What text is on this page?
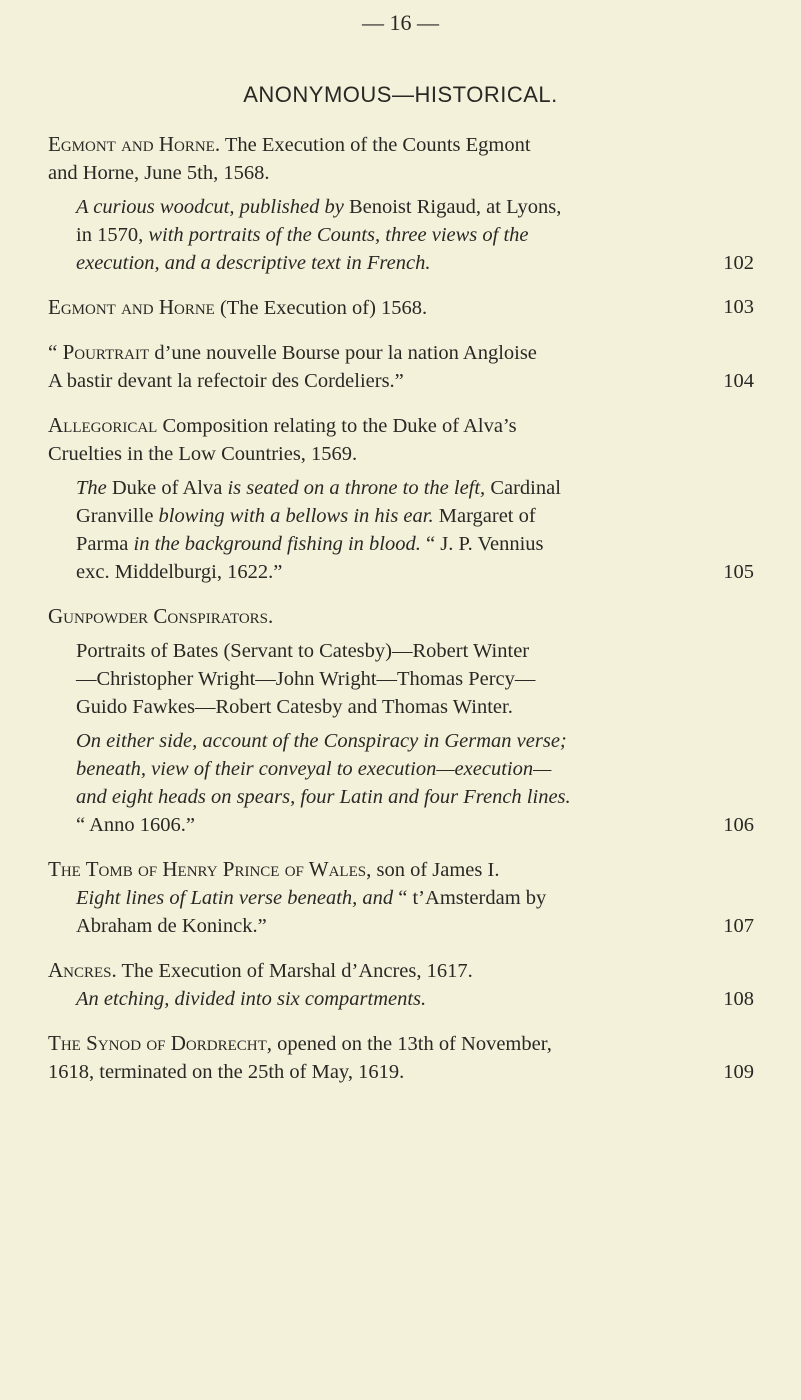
— 16 —
ANONYMOUS—HISTORICAL.

Egmont and Horne. The Execution of the Counts Egmont
and Horne, June 5th, 1568.

A curious woodcut, published by Benoist Rigaud, at Lyons,
in 1570, with portraits of the Counts, three views of the
102
execution, and a descriptive text in French.

103
Egmont and Horne (The Execution of) 1568.

“ Pourtrait d’une nouvelle Bourse pour la nation Angloise
104
A bastir devant la refectoir des Cordeliers.”

Allegorical Composition relating to the Duke of Alva’s
Cruelties in the Low Countries, 1569.

The Duke of Alva is seated on a throne to the left, Cardinal
Granville blowing with a bellows in his ear. Margaret of
Parma in the background fishing in blood. “ J. P. Vennius
105
exc. Middelburgi, 1622.”

Gunpowder Conspirators.

Portraits of Bates (Servant to Catesby)—Robert Winter
—Christopher Wright—John Wright—Thomas Percy—
Guido Fawkes—Robert Catesby and Thomas Winter.

On either side, account of the Conspiracy in German verse;
beneath, view of their conveyal to execution—execution—
and eight heads on spears, four Latin and four French lines.
106
“ Anno 1606.”

The Tomb of Henry Prince of Wales, son of James I.

Eight lines of Latin verse beneath, and “ t’Amsterdam by
107
Abraham de Koninck.”

Ancres. The Execution of Marshal d’Ancres, 1617.

108
An etching, divided into six compartments.

The Synod of Dordrecht, opened on the 13th of November,
109
1618, terminated on the 25th of May, 1619.
